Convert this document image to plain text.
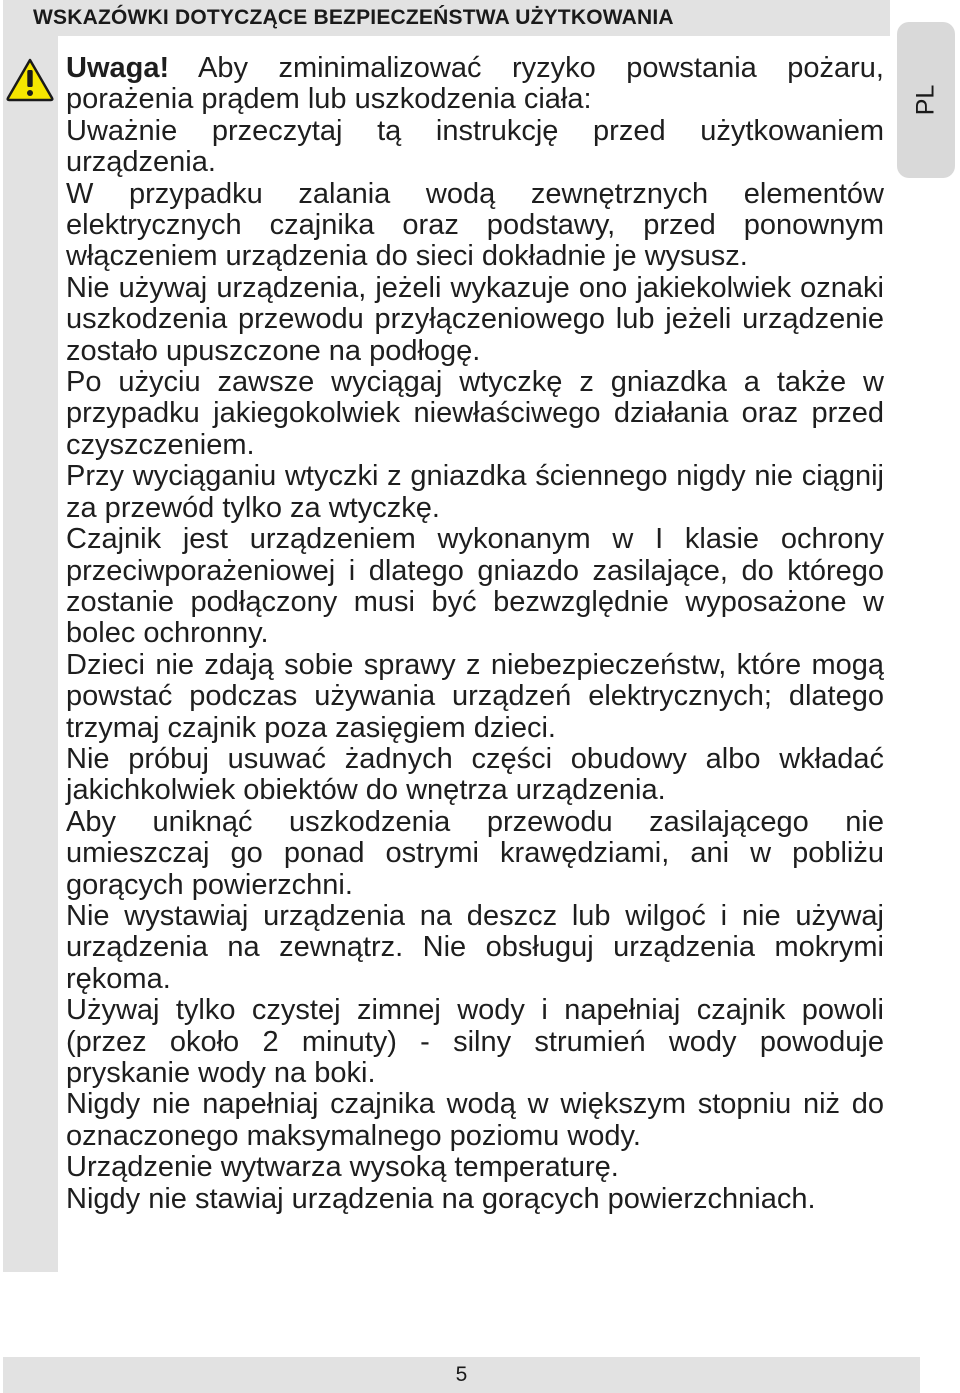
WSKAZÓWKI DOTYCZĄCE BEZPIECZEŃSTWA UŻYTKOWANIA
PL

Uwaga! Aby zminimalizować ryzyko powstania pożaru, porażenia prądem lub uszkodzenia ciała:

Uważnie przeczytaj tą instrukcję przed użytkowaniem urządzenia.

W przypadku zalania wodą zewnętrznych elementów elektrycznych czajnika oraz podstawy, przed ponownym włączeniem urządzenia do sieci dokładnie je wysusz.

Nie używaj urządzenia, jeżeli wykazuje ono jakiekolwiek oznaki uszkodzenia przewodu przyłączeniowego lub jeżeli urządzenie zostało upuszczone na podłogę.

Po użyciu zawsze wyciągaj wtyczkę z gniazdka a także w przypadku jakiegokolwiek niewłaściwego działania oraz przed czyszczeniem.

Przy wyciąganiu wtyczki z gniazdka ściennego nigdy nie ciągnij za przewód tylko za wtyczkę.

Czajnik jest urządzeniem wykonanym w I klasie ochrony przeciwporażeniowej i dlatego gniazdo zasilające, do którego zostanie podłączony musi być bezwzględnie wyposażone w bolec ochronny.

Dzieci nie zdają sobie sprawy z niebezpieczeństw, które mogą powstać podczas używania urządzeń elektrycznych; dlatego trzymaj czajnik poza zasięgiem dzieci.

Nie próbuj usuwać żadnych części obudowy albo wkładać jakichkolwiek obiektów do wnętrza urządzenia.

Aby uniknąć uszkodzenia przewodu zasilającego nie umieszczaj go ponad ostrymi krawędziami, ani w pobliżu gorących powierzchni.

Nie wystawiaj urządzenia na deszcz lub wilgoć i nie używaj urządzenia na zewnątrz. Nie obsługuj urządzenia mokrymi rękoma.

Używaj tylko czystej zimnej wody i napełniaj czajnik powoli (przez około 2 minuty) - silny strumień wody powoduje pryskanie wody na boki.

Nigdy nie napełniaj czajnika wodą w większym stopniu niż do oznaczonego maksymalnego poziomu wody.

Urządzenie wytwarza wysoką temperaturę.

Nigdy nie stawiaj urządzenia na gorących powierzchniach.

5
